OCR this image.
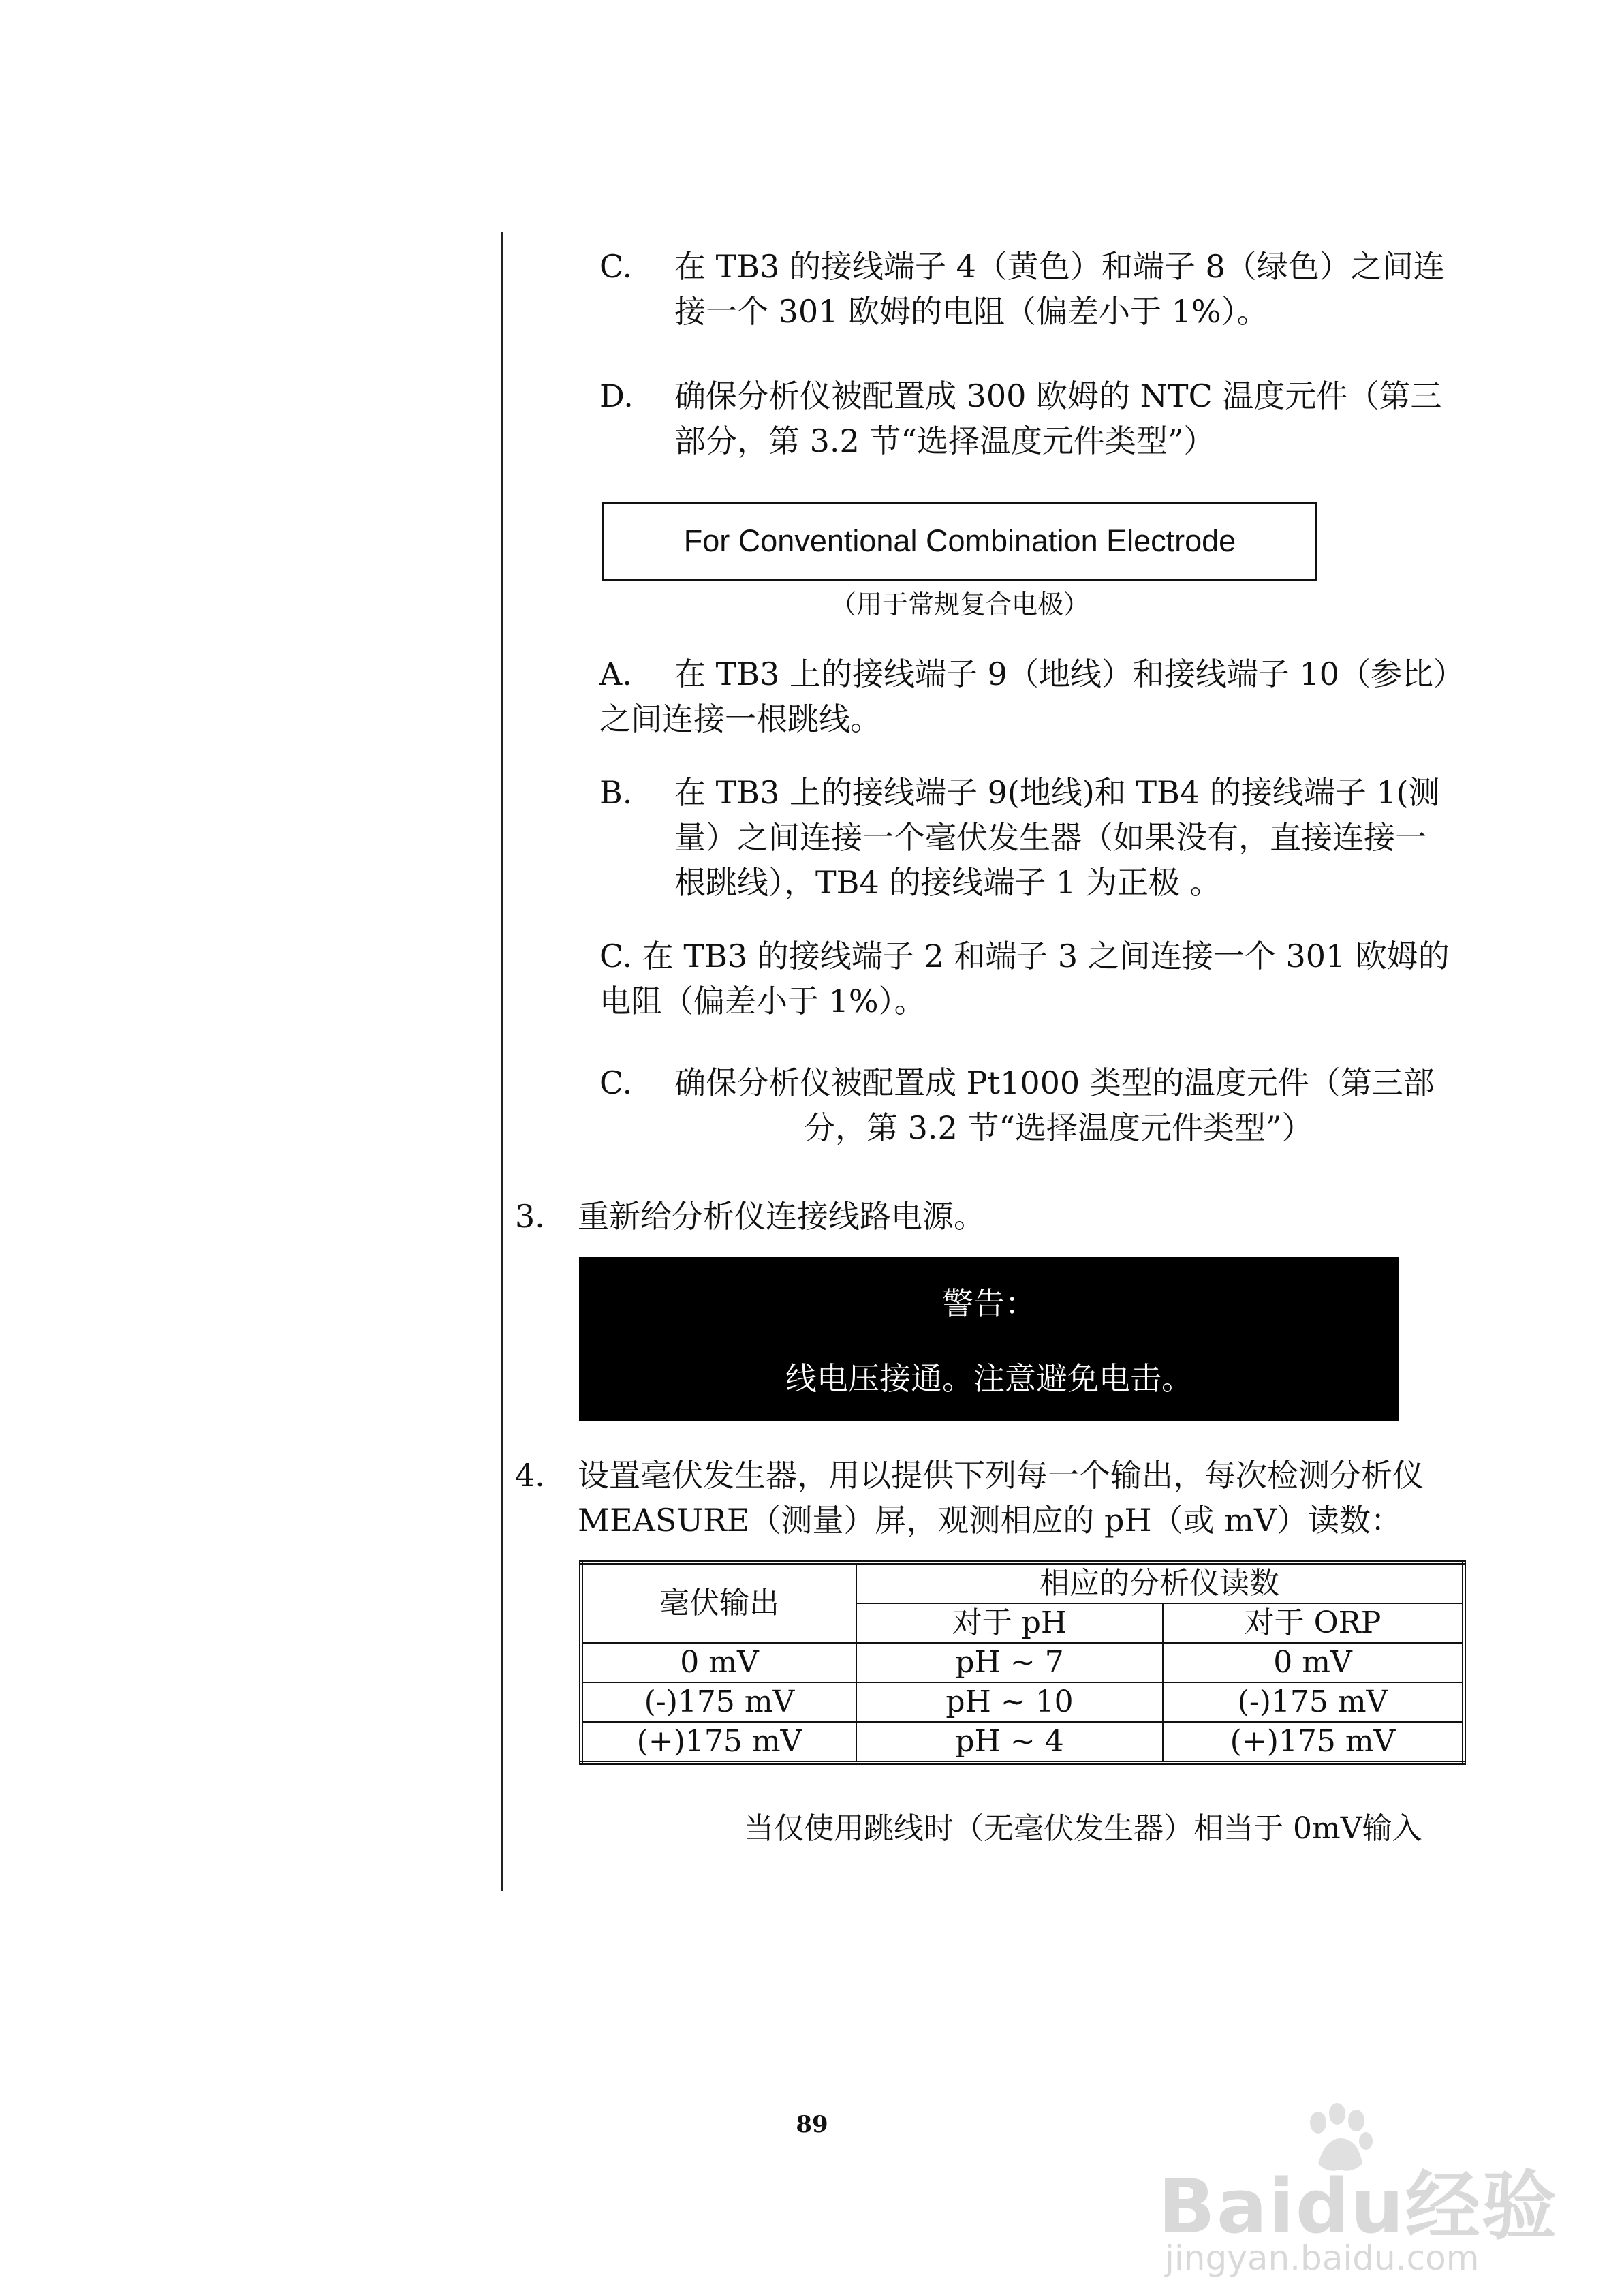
C. 在 TB3 的接线端子 4（黄色）和端子 8（绿色）之间连

接一个 301 欧姆的电阻（偏差小于 1%）。

D. 确保分析仪被配置成 300 欧姆的 NTC 温度元件（第三

部分，第 3.2 节“选择温度元件类型”）

For Conventional Combination Electrode
（用于常规复合电极）
A. 在 TB3 上的接线端子 9（地线）和接线端子 10（参比）

之间连接一根跳线。

B. 在 TB3 上的接线端子 9(地线)和 TB4 的接线端子 1(测

量）之间连接一个毫伏发生器（如果没有，直接连接一

根跳线），TB4 的接线端子 1 为正极 。

C. 在 TB3 的接线端子 2 和端子 3 之间连接一个 301 欧姆的

电阻（偏差小于 1%）。

C. 确保分析仪被配置成 Pt1000 类型的温度元件（第三部

分，第 3.2 节“选择温度元件类型”）

3. 重新给分析仪连接线路电源。

警告：
线电压接通。注意避免电击。
4. 设置毫伏发生器，用以提供下列每一个输出，每次检测分析仪

MEASURE（测量）屏，观测相应的 pH（或 mV）读数：

毫伏输出	相应的分析仪读数	
	对于 pH	对于 ORP
0 mV	pH ~ 7	0 mV
(-)175 mV	pH ~ 10	(-)175 mV
(+)175 mV	pH ~ 4	(+)175 mV
当仅使用跳线时（无毫伏发生器）相当于 0mV输入
89
Baidu经验
jingyan.baidu.com
